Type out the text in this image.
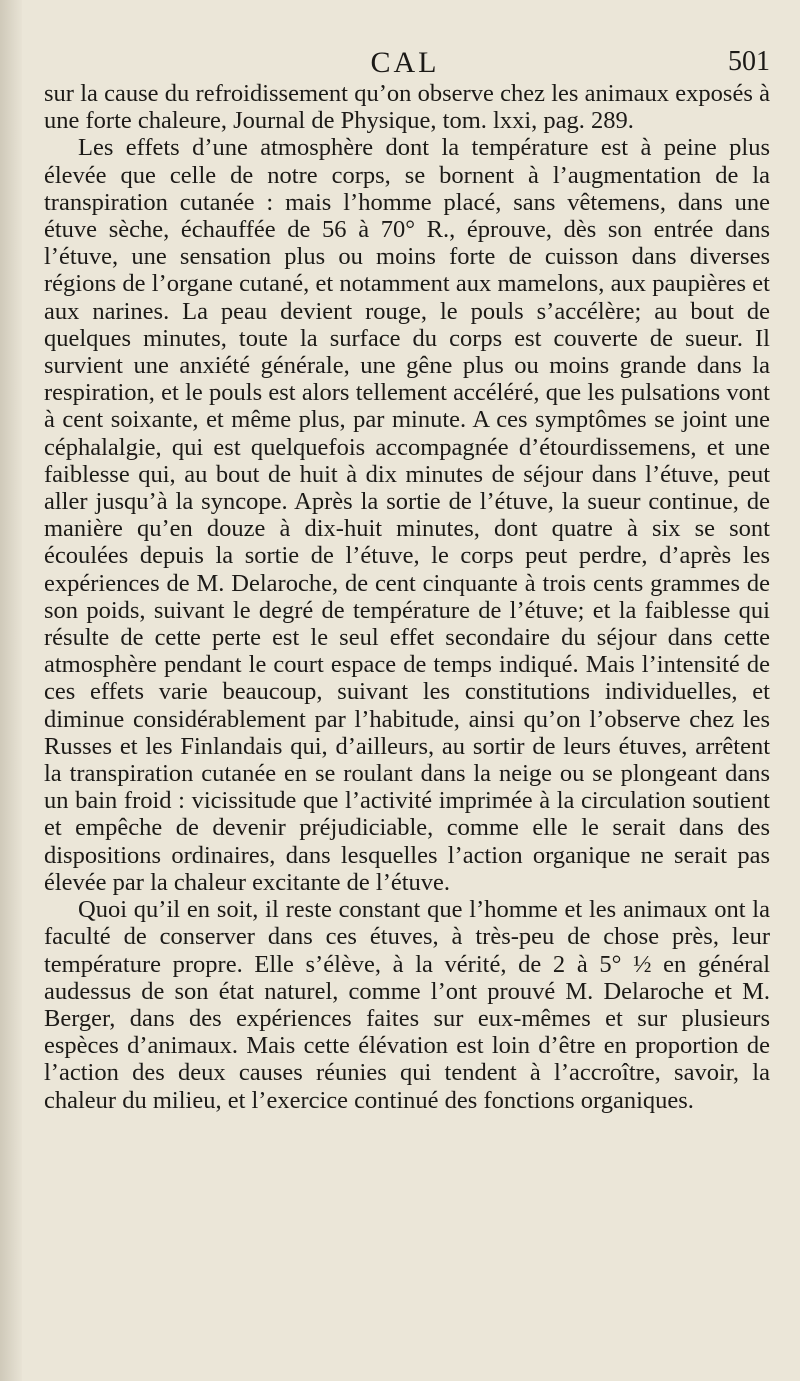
CAL	501

sur la cause du refroidissement qu’on observe chez les animaux exposés à une forte chaleure, Journal de Physique, tom. lxxi, pag. 289.

Les effets d’une atmosphère dont la température est à peine plus élevée que celle de notre corps, se bornent à l’augmentation de la transpiration cutanée : mais l’homme placé, sans vêtemens, dans une étuve sèche, échauffée de 56 à 70° R., éprouve, dès son entrée dans l’étuve, une sensation plus ou moins forte de cuisson dans diverses régions de l’organe cutané, et notamment aux mamelons, aux paupières et aux narines. La peau devient rouge, le pouls s’accélère; au bout de quelques minutes, toute la surface du corps est couverte de sueur. Il survient une anxiété générale, une gêne plus ou moins grande dans la respiration, et le pouls est alors tellement accéléré, que les pulsations vont à cent soixante, et même plus, par minute. A ces symptômes se joint une céphalalgie, qui est quelquefois accompagnée d’étourdissemens, et une faiblesse qui, au bout de huit à dix minutes de séjour dans l’étuve, peut aller jusqu’à la syncope. Après la sortie de l’étuve, la sueur continue, de manière qu’en douze à dix-huit minutes, dont quatre à six se sont écoulées depuis la sortie de l’étuve, le corps peut perdre, d’après les expériences de M. Delaroche, de cent cinquante à trois cents grammes de son poids, suivant le degré de température de l’étuve; et la faiblesse qui résulte de cette perte est le seul effet secondaire du séjour dans cette atmosphère pendant le court espace de temps indiqué. Mais l’intensité de ces effets varie beaucoup, suivant les constitutions individuelles, et diminue considérablement par l’habitude, ainsi qu’on l’observe chez les Russes et les Finlandais qui, d’ailleurs, au sortir de leurs étuves, arrêtent la transpiration cutanée en se roulant dans la neige ou se plongeant dans un bain froid : vicissitude que l’activité imprimée à la circulation soutient et empêche de devenir préjudiciable, comme elle le serait dans des dispositions ordinaires, dans lesquelles l’action organique ne serait pas élevée par la chaleur excitante de l’étuve.

Quoi qu’il en soit, il reste constant que l’homme et les animaux ont la faculté de conserver dans ces étuves, à très-peu de chose près, leur température propre. Elle s’élève, à la vérité, de 2 à 5° ½ en général audessus de son état naturel, comme l’ont prouvé M. Delaroche et M. Berger, dans des expériences faites sur eux-mêmes et sur plusieurs espèces d’animaux. Mais cette élévation est loin d’être en proportion de l’action des deux causes réunies qui tendent à l’accroître, savoir, la chaleur du milieu, et l’exercice continué des fonctions organiques.
